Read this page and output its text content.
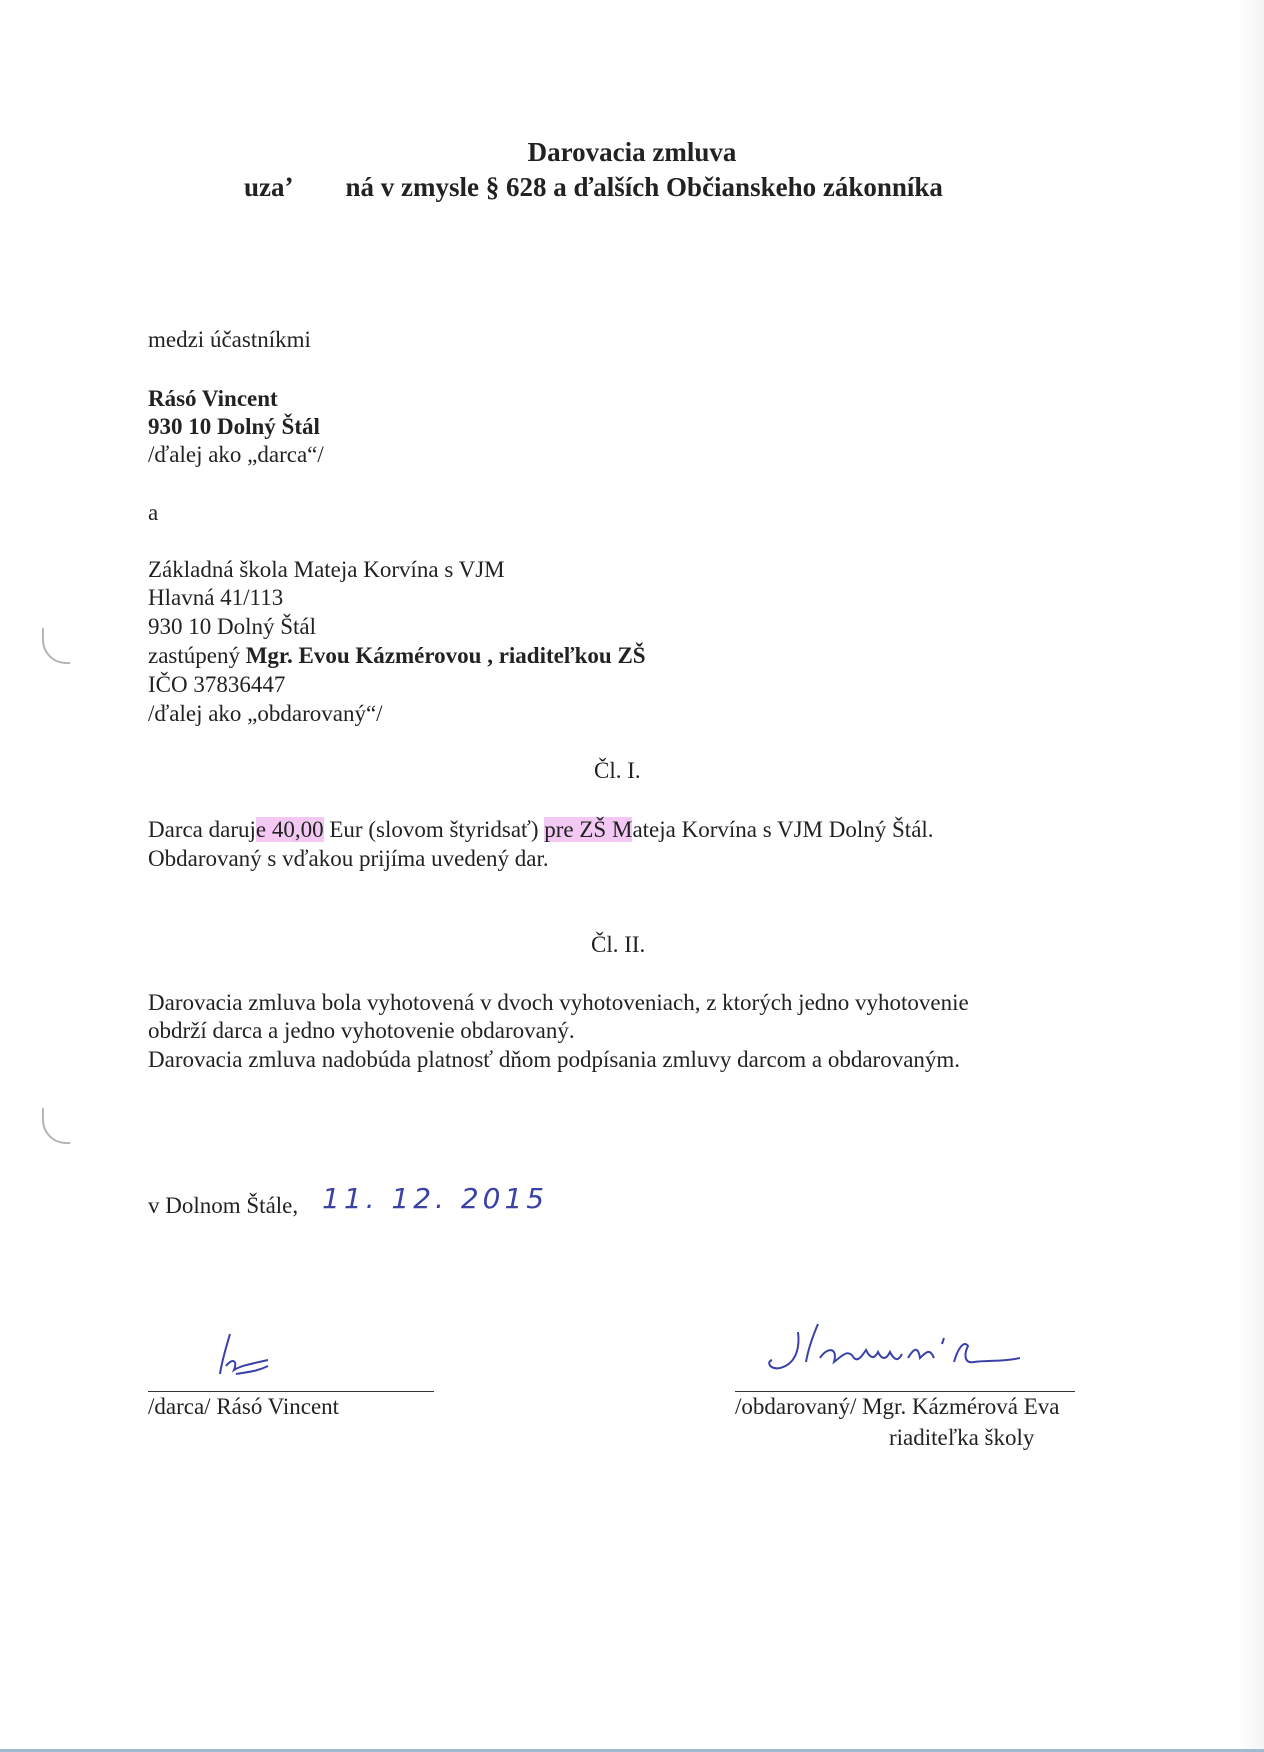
Darovacia zmluva
uzaʼ ná v zmysle § 628 a ďalších Občianskeho zákonníka
medzi účastníkmi
Rásó Vincent
930 10 Dolný Štál
/ďalej ako „darca“/
a
Základná škola Mateja Korvína s VJM
Hlavná 41/113
930 10 Dolný Štál
zastúpený Mgr. Evou Kázmérovou , riaditeľkou ZŠ
IČO 37836447
/ďalej ako „obdarovaný“/
Čl. I.
Darca daruje 40,00 Eur (slovom štyridsať) pre ZŠ Mateja Korvína s VJM Dolný Štál.
Obdarovaný s vďakou prijíma uvedený dar.
Čl. II.
Darovacia zmluva bola vyhotovená v dvoch vyhotoveniach, z ktorých jedno vyhotovenie
obdrží darca a jedno vyhotovenie obdarovaný.
Darovacia zmluva nadobúda platnosť dňom podpísania zmluvy darcom a obdarovaným.
v Dolnom Štále, 11. 12. 2015
/darca/ Rásó Vincent	/obdarovaný/ Mgr. Kázmérová Eva
riaditeľka školy
